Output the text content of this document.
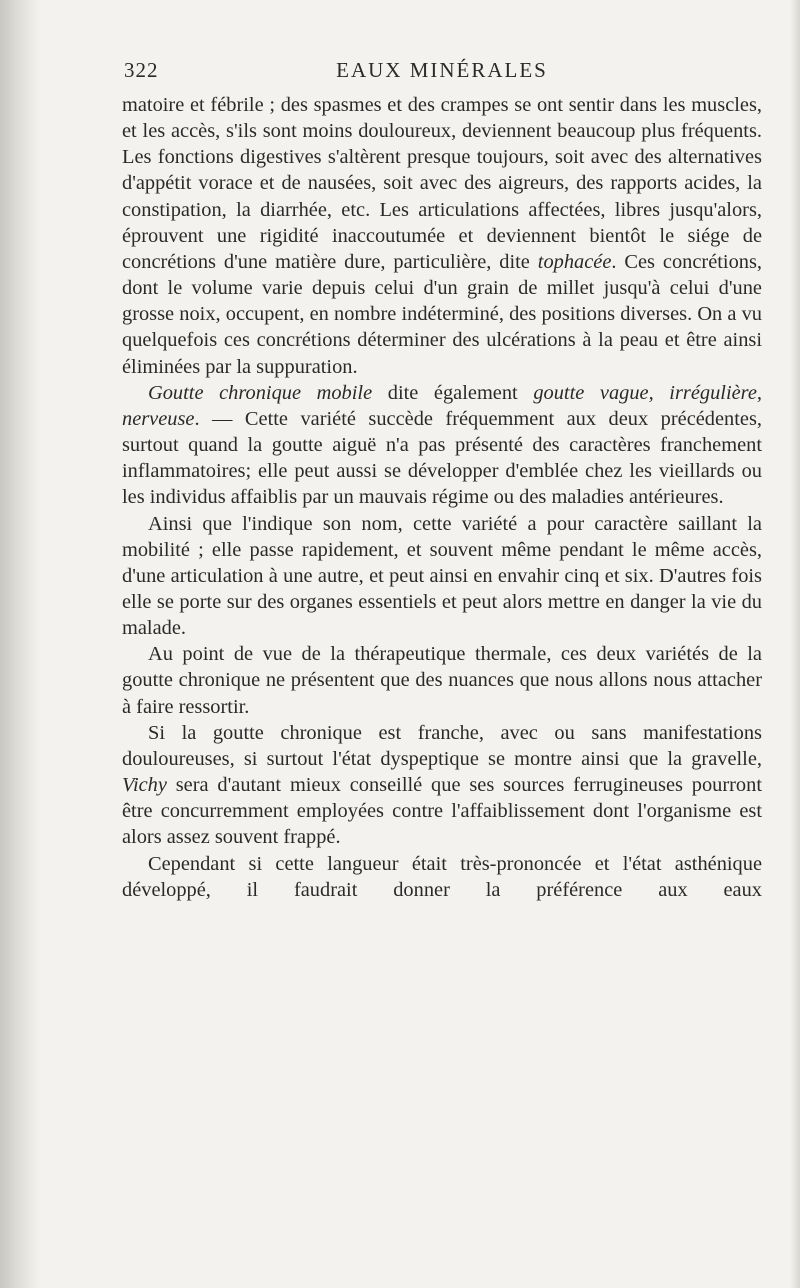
322	EAUX MINÉRALES

matoire et fébrile ; des spasmes et des crampes se ont sentir dans les muscles, et les accès, s'ils sont moins douloureux, deviennent beaucoup plus fréquents. Les fonctions digestives s'altèrent presque toujours, soit avec des alternatives d'appétit vorace et de nausées, soit avec des aigreurs, des rapports acides, la constipation, la diarrhée, etc. Les articulations affectées, libres jusqu'alors, éprouvent une rigidité inaccoutumée et deviennent bientôt le siége de concrétions d'une matière dure, particulière, dite tophacée. Ces concrétions, dont le volume varie depuis celui d'un grain de millet jusqu'à celui d'une grosse noix, occupent, en nombre indéterminé, des positions diverses. On a vu quelquefois ces concrétions déterminer des ulcérations à la peau et être ainsi éliminées par la suppuration.

Goutte chronique mobile dite également goutte vague, irrégulière, nerveuse. — Cette variété succède fréquemment aux deux précédentes, surtout quand la goutte aiguë n'a pas présenté des caractères franchement inflammatoires; elle peut aussi se développer d'emblée chez les vieillards ou les individus affaiblis par un mauvais régime ou des maladies antérieures.

Ainsi que l'indique son nom, cette variété a pour caractère saillant la mobilité ; elle passe rapidement, et souvent même pendant le même accès, d'une articulation à une autre, et peut ainsi en envahir cinq et six. D'autres fois elle se porte sur des organes essentiels et peut alors mettre en danger la vie du malade.

Au point de vue de la thérapeutique thermale, ces deux variétés de la goutte chronique ne présentent que des nuances que nous allons nous attacher à faire ressortir.

Si la goutte chronique est franche, avec ou sans manifestations douloureuses, si surtout l'état dyspeptique se montre ainsi que la gravelle, Vichy sera d'autant mieux conseillé que ses sources ferrugineuses pourront être concurremment employées contre l'affaiblissement dont l'organisme est alors assez souvent frappé.

Cependant si cette langueur était très-prononcée et l'état asthénique développé, il faudrait donner la préférence aux eaux
